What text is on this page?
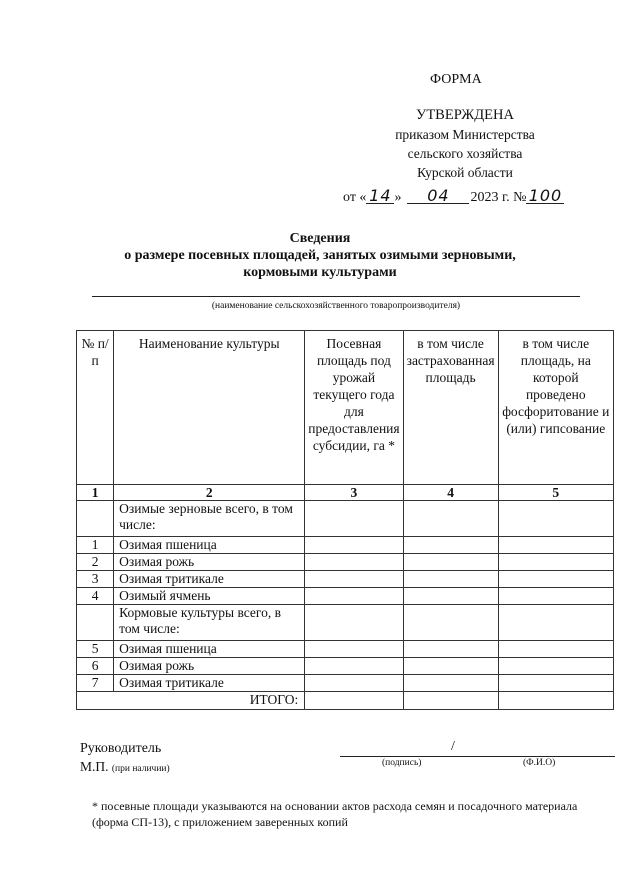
ФОРМА
УТВЕРЖДЕНА
приказом Министерства
сельского хозяйства
Курской области
от « 14 » 04 2023 г. № 100
Сведения
о размере посевных площадей, занятых озимыми зерновыми,
кормовыми культурами
(наименование сельскохозяйственного товаропроизводителя)
№ п/п	Наименование культуры	Посевная площадь под урожай текущего года для предоставления субсидии, га *	в том числе застрахованная площадь	в том числе площадь, на которой проведено фосфоритование и (или) гипсование
1	2	3	4	5
	Озимые зерновые всего, в том числе:			
1	Озимая пшеница			
2	Озимая рожь			
3	Озимая тритикале			
4	Озимый ячмень			
	Кормовые культуры всего, в том числе:			
5	Озимая пшеница			
6	Озимая рожь			
7	Озимая тритикале			
ИТОГО:				
Руководитель
М.П. (при наличии)
/
(подпись)	(Ф.И.О)
* посевные площади указываются на основании актов расхода семян и посадочного материала (форма СП-13), с приложением заверенных копий
